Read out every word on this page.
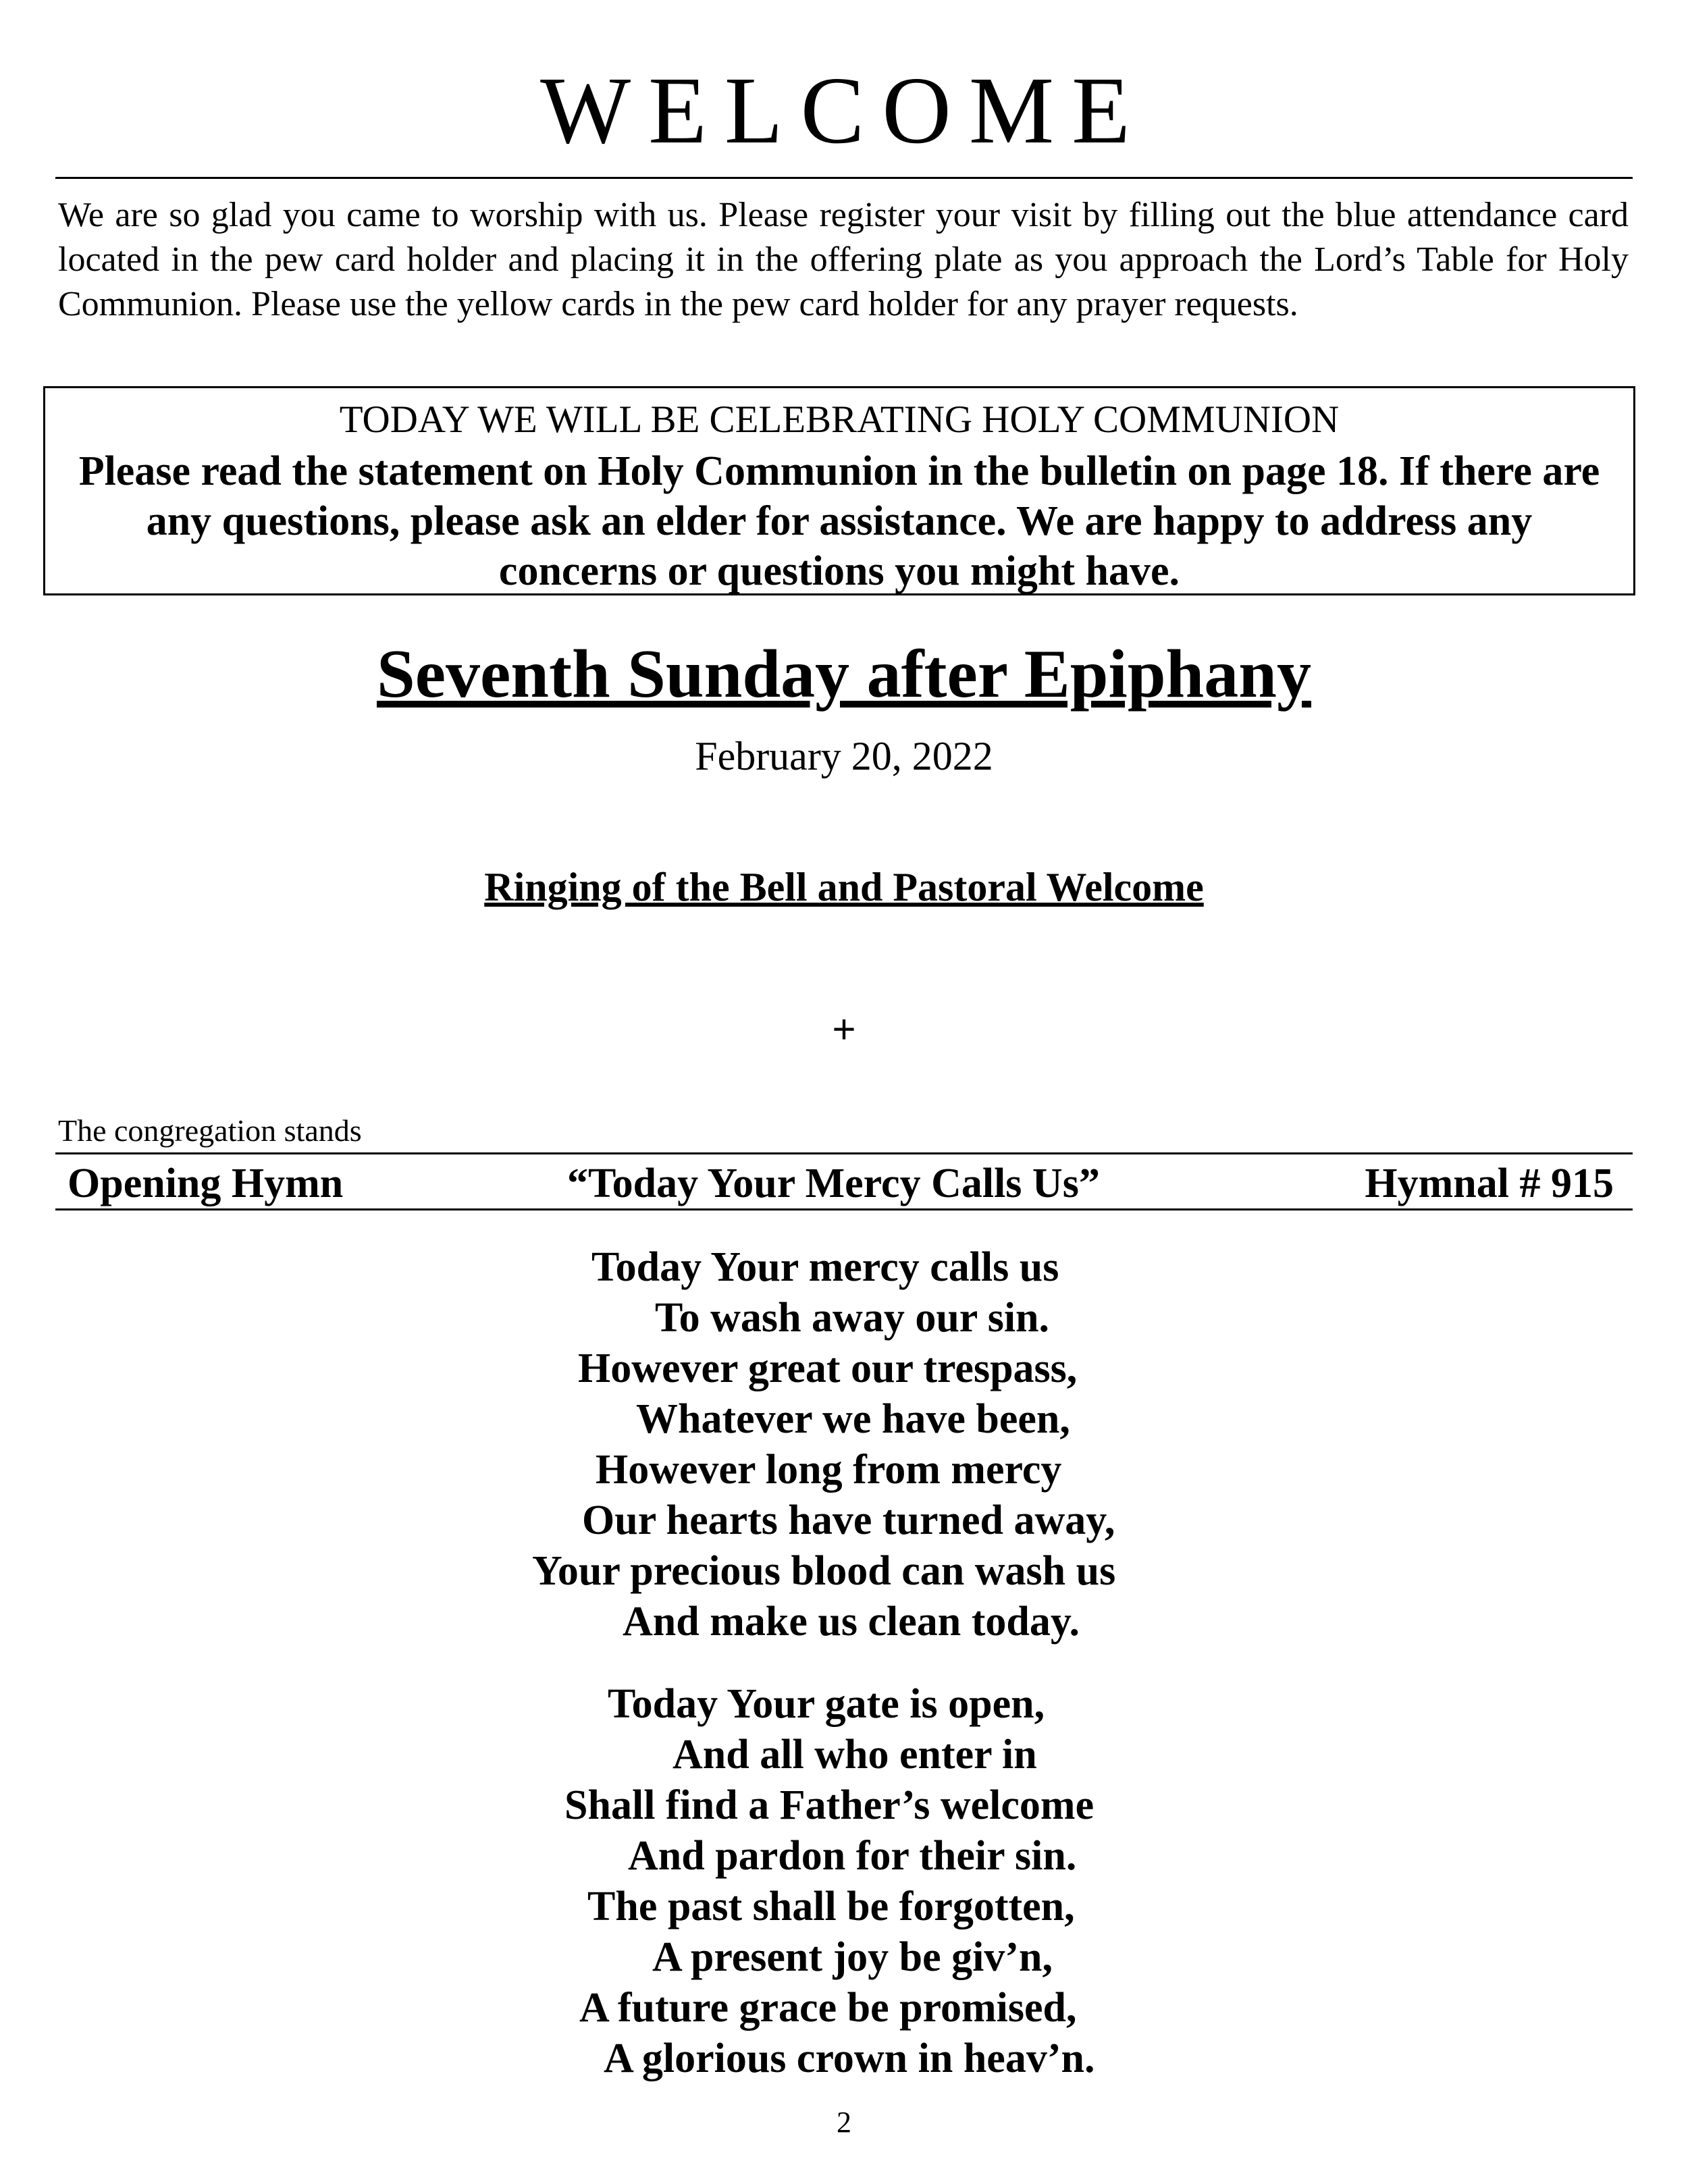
WELCOME
We are so glad you came to worship with us. Please register your visit by filling out the blue attendance card located in the pew card holder and placing it in the offering plate as you approach the Lord’s Table for Holy Communion. Please use the yellow cards in the pew card holder for any prayer requests.
TODAY WE WILL BE CELEBRATING HOLY COMMUNION
Please read the statement on Holy Communion in the bulletin on page 18. If there are any questions, please ask an elder for assistance. We are happy to address any concerns or questions you might have.
Seventh Sunday after Epiphany
February 20, 2022
Ringing of the Bell and Pastoral Welcome
+
The congregation stands
Opening Hymn	“Today Your Mercy Calls Us”	Hymnal # 915
Today Your mercy calls us
To wash away our sin.
However great our trespass,
Whatever we have been,
However long from mercy
Our hearts have turned away,
Your precious blood can wash us
And make us clean today.
Today Your gate is open,
And all who enter in
Shall find a Father’s welcome
And pardon for their sin.
The past shall be forgotten,
A present joy be giv’n,
A future grace be promised,
A glorious crown in heav’n.
2
